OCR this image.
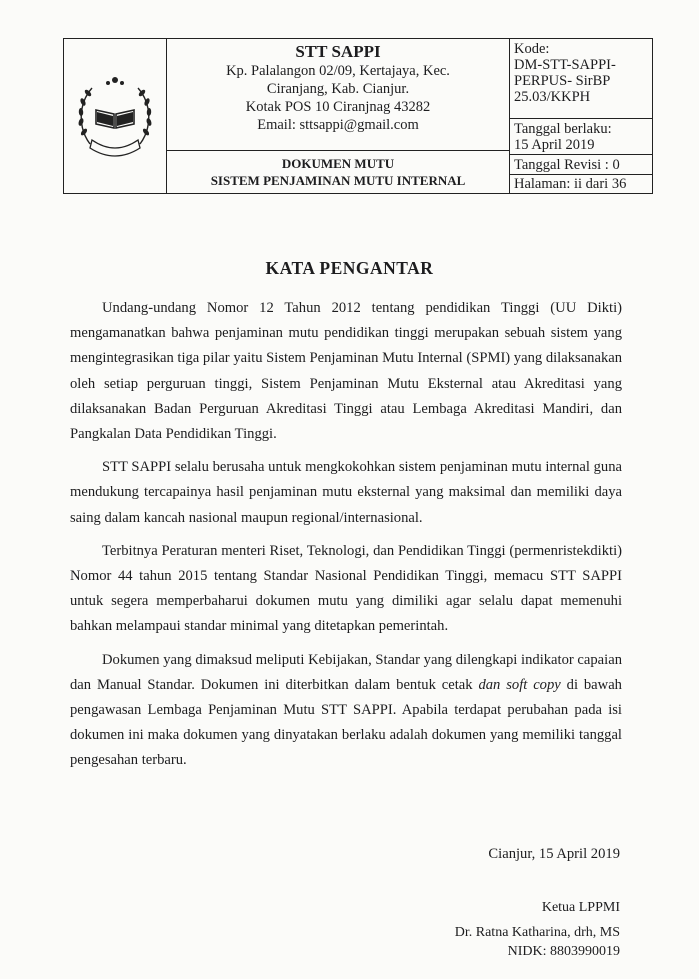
STT SAPPI
Kp. Palalangon 02/09, Kertajaya, Kec.
Ciranjang, Kab. Cianjur.
Kotak POS 10 Ciranjnag 43282
Email: sttsappi@gmail.com
DOKUMEN MUTU
SISTEM PENJAMINAN MUTU INTERNAL
Kode:
DM-STT-SAPPI-
PERPUS- SirBP
25.03/KKPH
Tanggal berlaku:
15 April 2019
Tanggal Revisi : 0
Halaman: ii dari 36
KATA PENGANTAR

Undang-undang Nomor 12 Tahun 2012 tentang pendidikan Tinggi (UU Dikti) mengamanatkan bahwa penjaminan mutu pendidikan tinggi merupakan sebuah sistem yang mengintegrasikan tiga pilar yaitu Sistem Penjaminan Mutu Internal (SPMI) yang dilaksanakan oleh setiap perguruan tinggi, Sistem Penjaminan Mutu Eksternal atau Akreditasi yang dilaksanakan Badan Perguruan Akreditasi Tinggi atau Lembaga Akreditasi Mandiri, dan Pangkalan Data Pendidikan Tinggi.

STT SAPPI selalu berusaha untuk mengkokohkan sistem penjaminan mutu internal guna mendukung tercapainya hasil penjaminan mutu eksternal yang maksimal dan memiliki daya saing dalam kancah nasional maupun regional/internasional.

Terbitnya Peraturan menteri Riset, Teknologi, dan Pendidikan Tinggi (permenristekdikti) Nomor 44 tahun 2015 tentang Standar Nasional Pendidikan Tinggi, memacu STT SAPPI untuk segera memperbaharui dokumen mutu yang dimiliki agar selalu dapat memenuhi bahkan melampaui standar minimal yang ditetapkan pemerintah.

Dokumen yang dimaksud meliputi Kebijakan, Standar yang dilengkapi indikator capaian dan Manual Standar. Dokumen ini diterbitkan dalam bentuk cetak dan soft copy di bawah pengawasan Lembaga Penjaminan Mutu STT SAPPI. Apabila terdapat perubahan pada isi dokumen ini maka dokumen yang dinyatakan berlaku adalah dokumen yang memiliki tanggal pengesahan terbaru.

Cianjur, 15 April 2019
Ketua LPPMI
Dr. Ratna Katharina, drh, MS
NIDK: 8803990019
